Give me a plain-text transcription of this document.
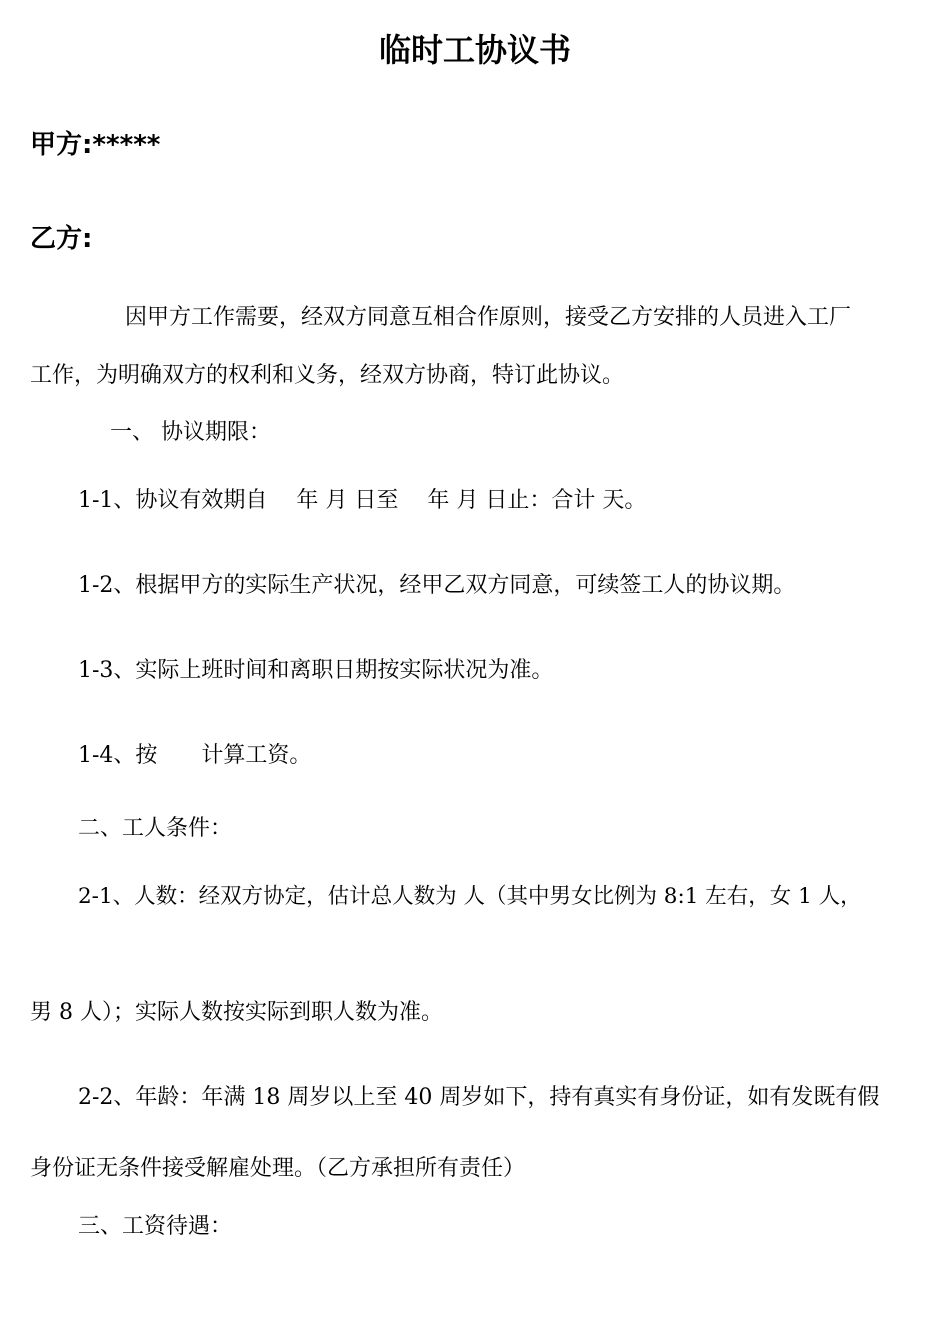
临时工协议书
甲方:*****
乙方:
因甲方工作需要，经双方同意互相合作原则，接受乙方安排的人员进入工厂
工作，为明确双方的权利和义务，经双方协商，特订此协议。
一、 协议期限：
1-1、协议有效期自　 年 月 日至　 年 月 日止：合计 天。
1-2、根据甲方的实际生产状况，经甲乙双方同意，可续签工人的协议期。
1-3、实际上班时间和离职日期按实际状况为准。
1-4、按　　计算工资。
二、工人条件：
2-1、人数：经双方协定，估计总人数为 人（其中男女比例为 8:1 左右，女 1 人，
男 8 人）；实际人数按实际到职人数为准。
2-2、年龄：年满 18 周岁以上至 40 周岁如下，持有真实有身份证，如有发既有假
身份证无条件接受解雇处理。（乙方承担所有责任）
三、工资待遇：
